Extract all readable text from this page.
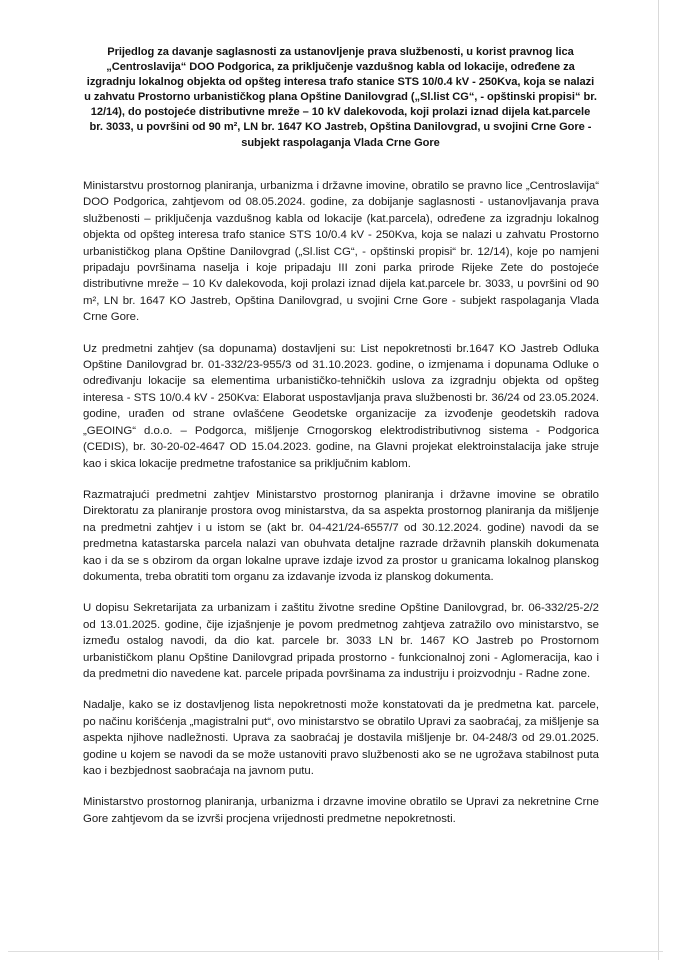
Prijedlog za davanje saglasnosti za ustanovljenje prava službenosti, u korist pravnog lica „Centroslavija“ DOO Podgorica, za priključenje vazdušnog kabla od lokacije, određene za izgradnju lokalnog objekta od opšteg interesa trafo stanice STS 10/0.4 kV - 250Kva, koja se nalazi u zahvatu Prostorno urbanističkog plana Opštine Danilovgrad („Sl.list CG“, - opštinski propisi“ br. 12/14), do postojeće distributivne mreže – 10 kV dalekovoda, koji prolazi iznad dijela kat.parcele br. 3033, u površini od 90 m², LN br. 1647 KO Jastreb, Opština Danilovgrad, u svojini Crne Gore - subjekt raspolaganja Vlada Crne Gore

Ministarstvu prostornog planiranja, urbanizma i državne imovine, obratilo se pravno lice „Centroslavija“ DOO Podgorica, zahtjevom od 08.05.2024. godine, za dobijanje saglasnosti - ustanovljavanja prava službenosti – priključenja vazdušnog kabla od lokacije (kat.parcela), određene za izgradnju lokalnog objekta od opšteg interesa trafo stanice STS 10/0.4 kV - 250Kva, koja se nalazi u zahvatu Prostorno urbanističkog plana Opštine Danilovgrad („Sl.list CG“, - opštinski propisi“ br. 12/14), koje po namjeni pripadaju površinama naselja i koje pripadaju III zoni parka prirode Rijeke Zete do postojeće distributivne mreže – 10 Kv dalekovoda, koji prolazi iznad dijela kat.parcele br. 3033, u površini od 90 m², LN br. 1647 KO Jastreb, Opština Danilovgrad, u svojini Crne Gore - subjekt raspolaganja Vlada Crne Gore.

Uz predmetni zahtjev (sa dopunama) dostavljeni su: List nepokretnosti br.1647 KO Jastreb Odluka Opštine Danilovgrad br. 01-332/23-955/3 od 31.10.2023. godine, o izmjenama i dopunama Odluke o određivanju lokacije sa elementima urbanističko-tehničkih uslova za izgradnju objekta od opšteg interesa - STS 10/0.4 kV - 250Kva: Elaborat uspostavljanja prava službenosti br. 36/24 od 23.05.2024. godine, urađen od strane ovlašćene Geodetske organizacije za izvođenje geodetskih radova „GEOING“ d.o.o. – Podgorca, mišljenje Crnogorskog elektrodistributivnog sistema - Podgorica (CEDIS), br. 30-20-02-4647 OD 15.04.2023. godine, na Glavni projekat elektroinstalacija jake struje kao i skica lokacije predmetne trafostanice sa priključnim kablom.

Razmatrajući predmetni zahtjev Ministarstvo prostornog planiranja i državne imovine se obratilo Direktoratu za planiranje prostora ovog ministarstva, da sa aspekta prostornog planiranja da mišljenje na predmetni zahtjev i u istom se (akt br. 04-421/24-6557/7 od 30.12.2024. godine) navodi da se predmetna katastarska parcela nalazi van obuhvata detaljne razrade državnih planskih dokumenata kao i da se s obzirom da organ lokalne uprave izdaje izvod za prostor u granicama lokalnog planskog dokumenta, treba obratiti tom organu za izdavanje izvoda iz planskog dokumenta.

U dopisu Sekretarijata za urbanizam i zaštitu životne sredine Opštine Danilovgrad, br. 06-332/25-2/2 od 13.01.2025. godine, čije izjašnjenje je povom predmetnog zahtjeva zatražilo ovo ministarstvo, se između ostalog navodi, da dio kat. parcele br. 3033 LN br. 1467 KO Jastreb po Prostornom urbanističkom planu Opštine Danilovgrad pripada prostorno - funkcionalnoj zoni - Aglomeracija, kao i da predmetni dio navedene kat. parcele pripada površinama za industriju i proizvodnju - Radne zone.

Nadalje, kako se iz dostavljenog lista nepokretnosti može konstatovati da je predmetna kat. parcele, po načinu korišćenja „magistralni put“, ovo ministarstvo se obratilo Upravi za saobraćaj, za mišljenje sa aspekta njihove nadležnosti. Uprava za saobraćaj je dostavila mišljenje br. 04-248/3 od 29.01.2025. godine u kojem se navodi da se može ustanoviti pravo službenosti ako se ne ugrožava stabilnost puta kao i bezbjednost saobraćaja na javnom putu.

Ministarstvo prostornog planiranja, urbanizma i drzavne imovine obratilo se Upravi za nekretnine Crne Gore zahtjevom da se izvrši procjena vrijednosti predmetne nepokretnosti.
